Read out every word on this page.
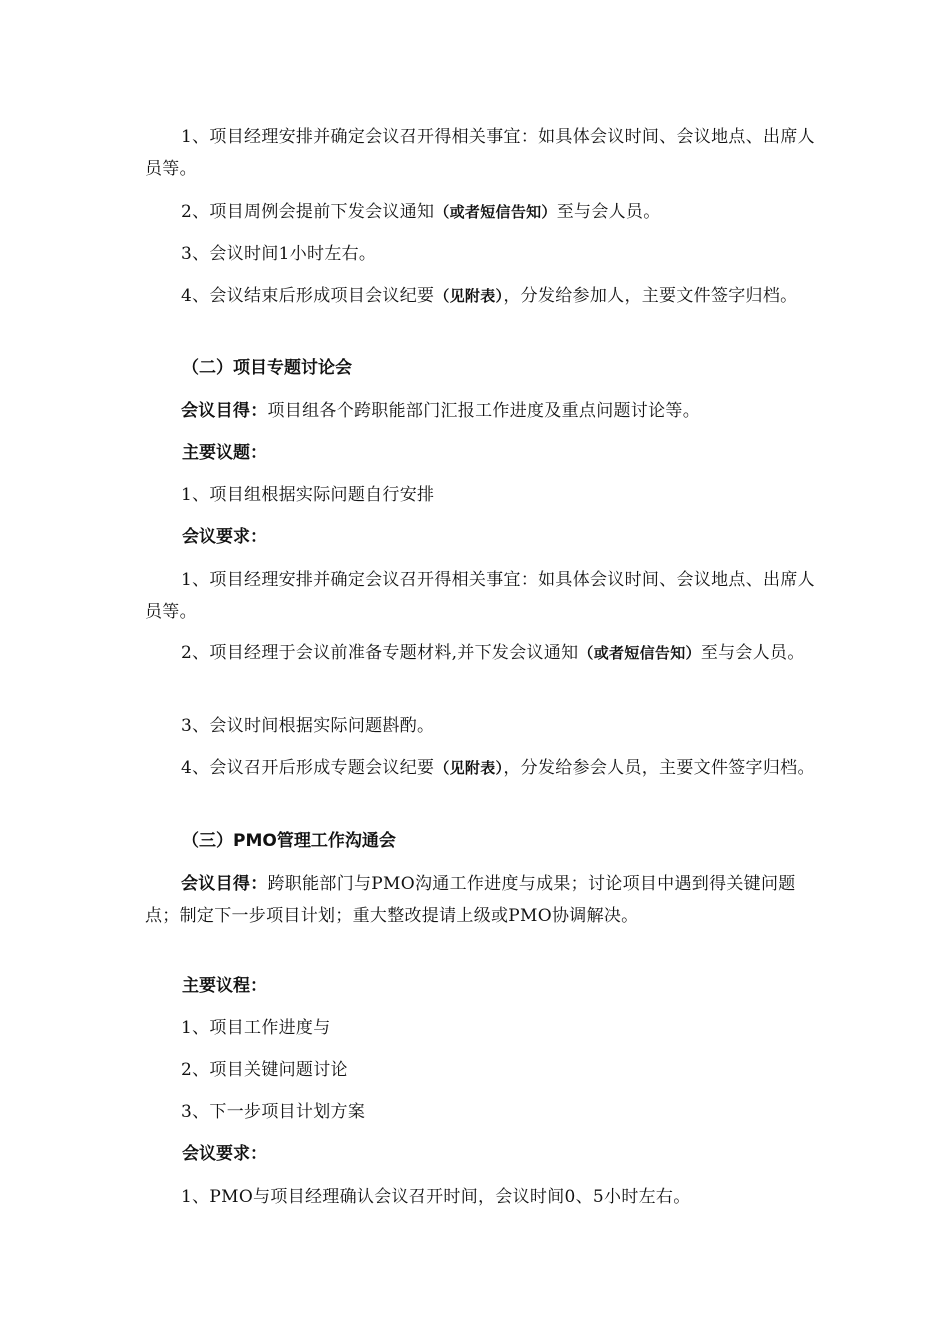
1、项目经理安排并确定会议召开得相关事宜：如具体会议时间、会议地点、出席人员等。

2、项目周例会提前下发会议通知（或者短信告知）至与会人员。

3、会议时间1小时左右。

4、会议结束后形成项目会议纪要（见附表），分发给参加人，主要文件签字归档。

（二）项目专题讨论会

会议目得：项目组各个跨职能部门汇报工作进度及重点问题讨论等。

主要议题：

1、项目组根据实际问题自行安排

会议要求：

1、项目经理安排并确定会议召开得相关事宜：如具体会议时间、会议地点、出席人员等。

2、项目经理于会议前准备专题材料,并下发会议通知（或者短信告知）至与会人员。

3、会议时间根据实际问题斟酌。

4、会议召开后形成专题会议纪要（见附表），分发给参会人员，主要文件签字归档。

（三）PMO管理工作沟通会

会议目得：跨职能部门与PMO沟通工作进度与成果；讨论项目中遇到得关键问题点；制定下一步项目计划；重大整改提请上级或PMO协调解决。

主要议程：

1、项目工作进度与

2、项目关键问题讨论

3、下一步项目计划方案

会议要求：

1、PMO与项目经理确认会议召开时间，会议时间0、5小时左右。
